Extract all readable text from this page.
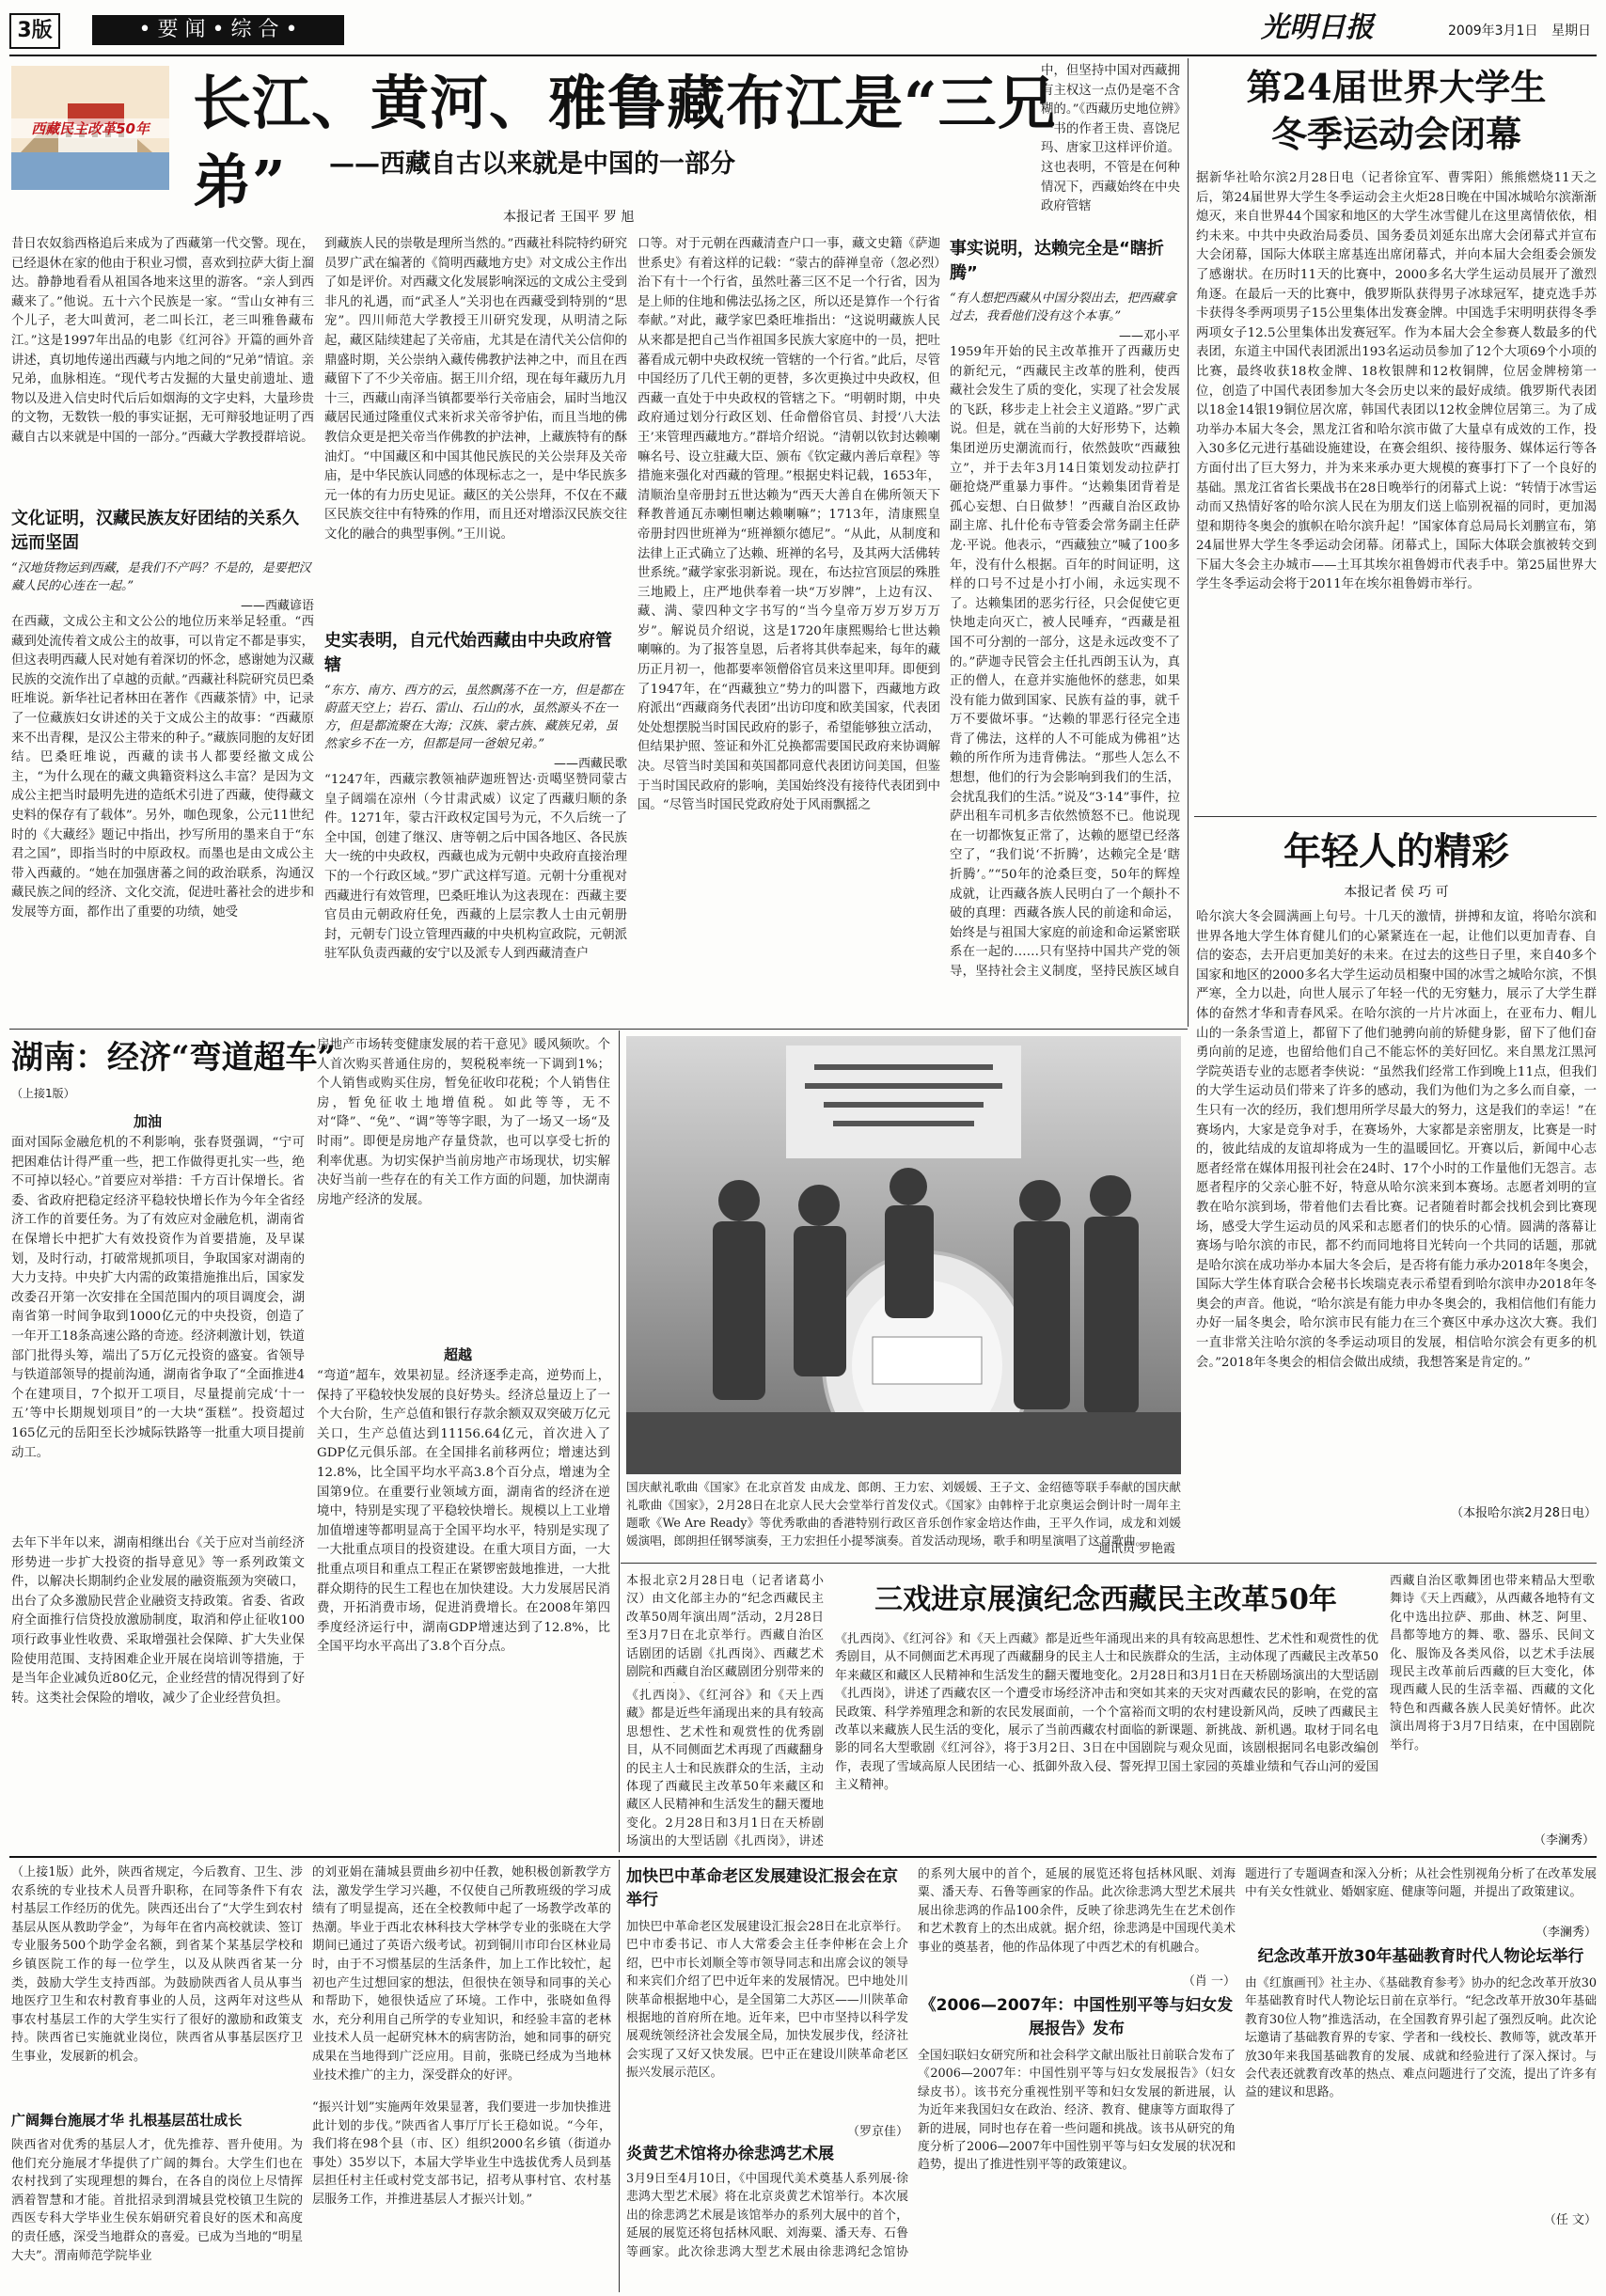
3版	• 要 闻 • 综 合 •	光明日报	2009年3月1日	星期日
西藏民主改革50年 长江、黄河、雅鲁藏布江是“三兄弟”	——西藏自古以来就是中国的一部分
本报记者 王国平 罗 旭
中，但坚持中国对西藏拥有主权这一点仍是毫不含糊的。”《西藏历史地位辨》一书的作者王贵、喜饶尼玛、唐家卫这样评价道。这也表明，不管是在何种情况下，西藏始终在中央政府管辖
昔日农奴翁西格追后来成为了西藏第一代交警。现在，已经退休在家的他由于积业习惯，喜欢到拉萨大街上溜达。静静地看看从祖国各地来这里的游客。“亲人到西藏来了。”他说。五十六个民族是一家。“雪山女神有三个儿子，老大叫黄河，老二叫长江，老三叫雅鲁藏布江。”这是1997年出品的电影《红河谷》开篇的画外音讲述，真切地传递出西藏与内地之间的“兄弟”情谊。亲兄弟，血脉相连。“现代考古发掘的大量史前遗址、遗物以及进入信史时代后后如烟海的文字史料，大量珍贵的文物，无数铁一般的事实证据，无可辩驳地证明了西藏自古以来就是中国的一部分。”西藏大学教授群培说。
文化证明，汉藏民族友好团结的关系久远而坚固
“汉地货物运到西藏，是我们不产吗？不是的，是要把汉藏人民的心连在一起。”
——西藏谚语
在西藏，文成公主和文公公的地位历来举足轻重。“西藏到处流传着文成公主的故事，可以肯定不都是事实，但这表明西藏人民对她有着深切的怀念，感谢她为汉藏民族的交流作出了卓越的贡献。”西藏社科院研究员巴桑旺堆说。新华社记者林田在著作《西藏茶情》中，记录了一位藏族妇女讲述的关于文成公主的故事：“西藏原来不出青稞，是汉公主带来的种子。”藏族同胞的友好团结。巴桑旺堆说，西藏的读书人都要经撤文成公主，“为什么现在的藏文典籍资料这么丰富？是因为文成公主把当时最明先进的造纸术引进了西藏，使得藏文史料的保存有了载体”。另外，咖色现象，公元11世纪时的《大藏经》题记中指出，抄写所用的墨来自于“东君之国”，即指当时的中原政权。而墨也是由文成公主带入西藏的。“她在加强唐蕃之间的政治联系，沟通汉藏民族之间的经济、文化交流，促进吐蕃社会的进步和发展等方面，都作出了重要的功绩，她受
到藏族人民的崇敬是理所当然的。”西藏社科院特约研究员罗广武在编著的《简明西藏地方史》对文成公主作出了如是评价。对西藏文化发展影响深远的文成公主受到非凡的礼遇，而“武圣人”关羽也在西藏受到特别的“思宠”。四川师范大学教授王川研究发现，从明清之际起，藏区陆续建起了关帝庙，尤其是在清代关公信仰的鼎盛时期，关公崇纳入藏传佛教护法神之中，而且在西藏留下了不少关帝庙。据王川介绍，现在每年藏历九月十三，西藏山南泽当镇都要举行关帝庙会，届时当地汉藏居民通过隆重仪式来祈求关帝爷护佑，而且当地的佛教信众更是把关帝当作佛教的护法神，上藏族特有的酥油灯。“中国藏区和中国其他民族民的关公崇拜及关帝庙，是中华民族认同感的体现标志之一，是中华民族多元一体的有力历史见证。藏区的关公崇拜，不仅在不藏区民族交往中有特殊的作用，而且还对增添汉民族交往文化的融合的典型事例。”王川说。
史实表明，自元代始西藏由中央政府管辖
“东方、南方、西方的云，虽然飘荡不在一方，但是都在蔚蓝天空上；岩石、雷山、石山的水，虽然源头不在一方，但是都流聚在大海；汉族、蒙古族、藏族兄弟，虽然家乡不在一方，但都是同一爸娘兄弟。”
——西藏民歌
“1247年，西藏宗教领袖萨迦班智达·贡噶坚赞同蒙古皇子阔端在凉州（今甘肃武威）议定了西藏归顺的条件。1271年，蒙古汗政权定国号为元，不久后统一了全中国，创建了继汉、唐等朝之后中国各地区、各民族大一统的中央政权，西藏也成为元朝中央政府直接治理下的一个行政区域。”罗广武这样写道。元朝十分重视对西藏进行有效管理，巴桑旺堆认为这表现在：西藏主要官员由元朝政府任免，西藏的上层宗教人士由元朝册封，元朝专门设立管理西藏的中央机构宣政院，元朝派驻军队负责西藏的安宁以及派专人到西藏清查户
口等。对于元朝在西藏清查户口一事，藏文史籍《萨迦世系史》有着这样的记载：“蒙古的薛禅皇帝（忽必烈）治下有十一个行省，虽然吐蕃三区不足一个行省，因为是上师的住地和佛法弘扬之区，所以还是算作一个行省奉献。”对此，藏学家巴桑旺堆指出：“这说明藏族人民从来都是把自己当作祖国多民族大家庭中的一员，把吐蕃看成元朝中央政权统一管辖的一个行省。”此后，尽管中国经历了几代王朝的更替，多次更换过中央政权，但西藏一直处于中央政权的管辖之下。“明朝时期，中央政府通过划分行政区划、任命僧俗官员、封授‘八大法王’来管理西藏地方。”群培介绍说。“清朝以钦封达赖喇嘛名号、设立驻藏大臣、颁布《钦定藏内善后章程》等措施来强化对西藏的管理。”根据史料记载，1653年，清顺治皇帝册封五世达赖为“西天大善自在佛所领天下释教普通瓦赤喇怛喇达赖喇嘛”；1713年，清康熙皇帝册封四世班禅为“班禅额尔德尼”。“从此，从制度和法律上正式确立了达赖、班禅的名号，及其两大活佛转世系统。”藏学家张羽新说。现在，布达拉宫顶层的殊胜三地殿上，庄严地供奉着一块“万岁牌”，上边有汉、藏、满、蒙四种文字书写的“当今皇帝万岁万岁万万岁”。解说员介绍说，这是1720年康熙赐给七世达赖喇嘛的。为了报答皇恩，后者将其供奉起来，每年的藏历正月初一，他都要率领僧俗官员来这里叩拜。即便到了1947年，在“西藏独立”势力的叫嚣下，西藏地方政府派出“西藏商务代表团”出访印度和欧美国家，代表团处处想摆脱当时国民政府的影子，希望能够独立活动，但结果护照、签证和外汇兑换都需要国民政府来协调解决。尽管当时美国和英国都同意代表团访问美国，但鉴于当时国民政府的影响，美国始终没有接待代表团到中国。“尽管当时国民党政府处于风雨飘摇之
事实说明，达赖完全是“瞎折腾”
“有人想把西藏从中国分裂出去，把西藏拿过去，我看他们没有这个本事。”
——邓小平
1959年开始的民主改革推开了西藏历史的新纪元，“西藏民主改革的胜利，使西藏社会发生了质的变化，实现了社会发展的飞跃，移步走上社会主义道路。”罗广武说。但是，就在当前的大好形势下，达赖集团逆历史潮流而行，依然鼓吹“西藏独立”，并于去年3月14日策划发动拉萨打砸抢烧严重暴力事件。“达赖集团背着是孤心妄想、白日做梦！”西藏自治区政协副主席、扎什伦布寺管委会常务副主任萨龙·平说。他表示，“西藏独立”喊了100多年，没有什么根据。百年的时间证明，这样的口号不过是小打小闹，永远实现不了。达赖集团的恶劣行径，只会促使它更快地走向灭亡，被人民唾弃，“西藏是祖国不可分割的一部分，这是永远改变不了的。”萨迦寺民管会主任扎西朗玉认为，真正的僧人，在意并实施他怀的慈悲，如果没有能力做到国家、民族有益的事，就千万不要做坏事。“达赖的罪恶行径完全违背了佛法，这样的人不可能成为佛祖”达赖的所作所为违背佛法。“那些人怎么不想想，他们的行为会影响到我们的生活，会扰乱我们的生活。”说及“3·14”事件，拉萨出租车司机多吉依然愤怒不已。他说现在一切都恢复正常了，达赖的愿望已经落空了，“我们说‘不折腾’，达赖完全是‘瞎折腾’。”“50年的沧桑巨变，50年的辉煌成就，让西藏各族人民明白了一个颠扑不破的真理：西藏各族人民的前途和命运，始终是与祖国大家庭的前途和命运紧密联系在一起的……只有坚持中国共产党的领导，坚持社会主义制度，坚持民族区域自
第24届世界大学生
冬季运动会闭幕
据新华社哈尔滨2月28日电（记者徐宜军、曹霁阳）熊熊燃烧11天之后，第24届世界大学生冬季运动会主火炬28日晚在中国冰城哈尔滨渐渐熄灭，来自世界44个国家和地区的大学生冰雪健儿在这里离情依依，相约未来。中共中央政治局委员、国务委员刘延东出席大会闭幕式并宣布大会闭幕，国际大体联主席基连出席闭幕式，并向本届大会组委会颁发了感谢状。在历时11天的比赛中，2000多名大学生运动员展开了激烈角逐。在最后一天的比赛中，俄罗斯队获得男子冰球冠军，捷克选手苏卡获得冬季两项男子15公里集体出发赛金牌。中国选手宋明明获得冬季两项女子12.5公里集体出发赛冠军。作为本届大会全参赛人数最多的代表团，东道主中国代表团派出193名运动员参加了12个大项69个小项的比赛，最终收获18枚金牌、18枚银牌和12枚铜牌，位居金牌榜第一位，创造了中国代表团参加大冬会历史以来的最好成绩。俄罗斯代表团以18金14银19铜位居次席，韩国代表团以12枚金牌位居第三。为了成功举办本届大冬会，黑龙江省和哈尔滨市做了大量卓有成效的工作，投入30多亿元进行基础设施建设，在赛会组织、接待服务、媒体运行等各方面付出了巨大努力，并为来来承办更大规模的赛事打下了一个良好的基础。黑龙江省省长栗战书在28日晚举行的闭幕式上说：“转情于冰雪运动而又热情好客的哈尔滨人民在为朋友们送上临别祝福的同时，更加渴望和期待冬奥会的旗帜在哈尔滨升起！”国家体育总局局长刘鹏宣布，第24届世界大学生冬季运动会闭幕。闭幕式上，国际大体联会旗被转交到下届大冬会主办城市——土耳其埃尔祖鲁姆市代表手中。第25届世界大学生冬季运动会将于2011年在埃尔祖鲁姆市举行。
年轻人的精彩
本报记者 侯 巧 可
哈尔滨大冬会圆满画上句号。十几天的激情，拼搏和友谊，将哈尔滨和世界各地大学生体育健儿们的心紧紧连在一起，让他们以更加青春、自信的姿态，去开启更加美好的未来。在过去的这些日子里，来自40多个国家和地区的2000多名大学生运动员相聚中国的冰雪之城哈尔滨，不惧严寒，全力以赴，向世人展示了年轻一代的无穷魅力，展示了大学生群体的奋然才华和青春风采。在哈尔滨的一片片冰面上，在亚布力、帽儿山的一条条雪道上，都留下了他们驰骋向前的矫健身影，留下了他们奋勇向前的足迹，也留给他们自己不能忘怀的美好回忆。来自黑龙江黑河学院英语专业的志愿者李侠说：“虽然我们经常工作到晚上11点，但我们的大学生运动员们带来了许多的感动，我们为他们为之多么而自豪，一生只有一次的经历，我们想用所学尽最大的努力，这是我们的幸运！”在赛场内，大家是竞争对手，在赛场外，大家都是亲密朋友，比赛是一时的，彼此结成的友谊却将成为一生的温暖回忆。开赛以后，新闻中心志愿者经常在媒体用报刊社会在24时、17个小时的工作量他们无怨言。志愿者程序的父亲心脏不好，特意从哈尔滨来到本赛场。志愿者刘明的宣教在哈尔滨到场，带着他们去看比赛。记者随着时都会找机会到比赛现场，感受大学生运动员的风采和志愿者们的快乐的心情。圆满的落幕让赛场与哈尔滨的市民，都不约而同地将目光转向一个共同的话题，那就是哈尔滨在成功举办本届大冬会后，是否将有能力承办2018年冬奥会，国际大学生体育联合会秘书长埃瑞克表示希望看到哈尔滨申办2018年冬奥会的声音。他说，“哈尔滨是有能力申办冬奥会的，我相信他们有能力办好一届冬奥会，哈尔滨市民有能力在三个赛区中承办这次大赛。我们一直非常关注哈尔滨的冬季运动项目的发展，相信哈尔滨会有更多的机会。”2018年冬奥会的相信会做出成绩，我想答案是肯定的。”
（本报哈尔滨2月28日电）
湖南：经济“弯道超车”
（上接1版）
加油
面对国际金融危机的不利影响，张春贤强调，“宁可把困难估计得严重一些，把工作做得更扎实一些，绝不可掉以轻心。”首要应对举措：千方百计保增长。省委、省政府把稳定经济平稳较快增长作为今年全省经济工作的首要任务。为了有效应对金融危机，湖南省在保增长中把扩大有效投资作为首要措施，及早谋划，及时行动，打破常规抓项目，争取国家对湖南的大力支持。中央扩大内需的政策措施推出后，国家发改委召开第一次安排在全国范围内的项目调度会，湖南省第一时间争取到1000亿元的中央投资，创造了一年开工18条高速公路的奇迹。经济刺激计划，铁道部门批得头筹，端出了5万亿元投资的盛宴。省领导与铁道部领导的提前沟通，湖南省争取了“全面推进4个在建项目，7个拟开工项目，尽量提前完成‘十一五’等中长期规划项目”的一大块“蛋糕”。投资超过165亿元的岳阳至长沙城际铁路等一批重大项目提前动工。
去年下半年以来，湖南相继出台《关于应对当前经济形势进一步扩大投资的指导意见》等一系列政策文件，以解决长期制约企业发展的融资瓶颈为突破口，出台了众多激励民营企业融资支持政策。省委、省政府全面推行信贷投放激励制度，取消和停止征收100项行政事业性收费、采取增强社会保障、扩大失业保险使用范围、支持困难企业开展在岗培训等措施，于是当年企业减负近80亿元，企业经营的情况得到了好转。这类社会保险的增收，减少了企业经营负担。
房地产市场转变健康发展的若干意见》暖风频吹。个人首次购买普通住房的，契税税率统一下调到1%；个人销售或购买住房，暂免征收印花税；个人销售住房，暂免征收土地增值税。如此等等，无不对“降”、“免”、“调”等等字眼，为了一场又一场“及时雨”。即便是房地产存量贷款，也可以享受七折的利率优惠。为切实保护当前房地产市场现状，切实解决好当前一些存在的有关工作方面的问题，加快湖南房地产经济的发展。
超越
“弯道”超车，效果初显。经济逐季走高，逆势而上，保持了平稳较快发展的良好势头。经济总量迈上了一个大台阶，生产总值和银行存款余额双双突破万亿元关口，生产总值达到11156.64亿元，首次进入了GDP亿元俱乐部。在全国排名前移两位；增速达到12.8%，比全国平均水平高3.8个百分点，增速为全国第9位。在重要行业领域方面，湖南省的经济在逆境中，特别是实现了平稳较快增长。规模以上工业增加值增速等都明显高于全国平均水平，特别是实现了一大批重点项目的投资建设。在重大项目方面，一大批重点项目和重点工程正在紧锣密鼓地推进，一大批群众期待的民生工程也在加快建设。大力发展居民消费，开拓消费市场，促进消费增长。在2008年第四季度经济运行中，湖南GDP增速达到了12.8%，比全国平均水平高出了3.8个百分点。
国庆献礼歌曲《国家》在北京首发 由成龙、郎朗、王力宏、刘媛媛、王子文、金绍德等联手奉献的国庆献礼歌曲《国家》，2月28日在北京人民大会堂举行首发仪式。《国家》由韩梓于北京奥运会倒计时一周年主题歌《We Are Ready》等优秀歌曲的香港特别行政区音乐创作家金培达作曲，王平久作词，成龙和刘媛媛演唱，郎朗担任钢琴演奏，王力宏担任小提琴演奏。首发活动现场，歌手和明星演唱了这首歌曲。
通讯员 罗艳霞
本报北京2月28日电（记者诸葛小汉）由文化部主办的“纪念西藏民主改革50周年演出周”活动，2月28日至3月7日在北京举行。西藏自治区话剧团的话剧《扎西岗》、西藏艺术剧院和西藏自治区藏剧团分别带来的
三戏进京展演纪念西藏民主改革50年
《扎西岗》、《红河谷》和《天上西藏》都是近些年涌现出来的具有较高思想性、艺术性和观赏性的优秀剧目，从不同侧面艺术再现了西藏翻身的民主人士和民族群众的生活，主动体现了西藏民主改革50年来藏区和藏区人民精神和生活发生的翻天覆地变化。2月28日和3月1日在天桥剧场演出的大型话剧《扎西岗》，讲述
《扎西岗》、《红河谷》和《天上西藏》都是近些年涌现出来的具有较高思想性、艺术性和观赏性的优秀剧目，从不同侧面艺术再现了西藏翻身的民主人士和民族群众的生活，主动体现了西藏民主改革50年来藏区和藏区人民精神和生活发生的翻天覆地变化。2月28日和3月1日在天桥剧场演出的大型话剧《扎西岗》，讲述了西藏农区一个遭受市场经济冲击和突如其来的天灾对西藏农民的影响，在党的富民政策、科学养殖理念和新的农民发展面前，一个个富裕而文明的农村建设新风尚，反映了西藏民主改革以来藏族人民生活的变化，展示了当前西藏农村面临的新课题、新挑战、新机遇。取材于同名电影的同名大型歌剧《红河谷》，将于3月2日、3日在中国剧院与观众见面，该剧根据同名电影改编创作，表现了雪域高原人民团结一心、抵御外敌入侵、誓死捍卫国土家园的英雄业绩和气吞山河的爱国主义精神。
西藏自治区歌舞团也带来精品大型歌舞诗《天上西藏》，从西藏各地特有文化中选出拉萨、那曲、林芝、阿里、昌都等地方的舞、歌、器乐、民间文化、服饰及各类风俗，以艺术手法展现民主改革前后西藏的巨大变化，体现西藏人民的生活幸福、西藏的文化特色和西藏各族人民美好情怀。此次演出周将于3月7日结束，在中国剧院举行。
（李澜秀）
（上接1版）此外，陕西省规定，今后教育、卫生、涉农系统的专业技术人员晋升职称，在同等条件下有农村基层工作经历的优先。陕西还出台了“大学生到农村基层从医从教助学金”，为每年在省内高校就读、签订专业服务500个助学金名额，到省某个某基层学校和乡镇医院工作的每一位学生，以及从陕西省某一分类，鼓励大学生支持西部。为鼓励陕西省人员从事当地医疗卫生和农村教育事业的人员，这两年对这些从事农村基层工作的大学生实行了很好的激励和政策支持。陕西省已实施就业岗位，陕西省从事基层医疗卫生事业，发展新的机会。
广阔舞台施展才华 扎根基层茁壮成长
陕西省对优秀的基层人才，优先推荐、晋升使用。为他们充分施展才华提供了广阔的舞台。大学生们也在农村找到了实现理想的舞台，在各自的岗位上尽情挥洒着智慧和才能。首批招录到渭城县党校镇卫生院的西医专科大学毕业生侯东娟研究着良好的医术和高度的责任感，深受当地群众的喜爱。已成为当地的“明星大夫”。渭南师范学院毕业
的刘亚娟在蒲城县贾曲乡初中任教，她积极创新教学方法，激发学生学习兴趣，不仅使自己所教班级的学习成绩有了明显提高，还在全校教师中起了一场教学改革的热潮。毕业于西北农林科技大学林学专业的张晓在大学期间已通过了英语六级考试。初到铜川市印台区林业局时，由于不习惯基层的生活条件，加上工作比较忙，起初也产生过想回家的想法，但很快在领导和同事的关心和帮助下，她很快适应了环境。工作中，张晓如鱼得水，充分利用自己所学的专业知识，和经验丰富的老林业技术人员一起研究林木的病害防治，她和同事的研究成果在当地得到广泛应用。目前，张晓已经成为当地林业技术推广的主力，深受群众的好评。
“振兴计划”实施两年效果显著，我们要进一步加快推进此计划的步伐。”陕西省人事厅厅长王稳如说。“今年，我们将在98个县（市、区）组织2000名乡镇（街道办事处）35岁以下，本届大学毕业生中选拔优秀人员到基层担任村主任或村党支部书记，招考从事村官、农村基层服务工作，并推进基层人才振兴计划。”
加快巴中革命老区发展建设汇报会在京举行
加快巴中革命老区发展建设汇报会28日在北京举行。巴中市委书记、市人大常委会主任李仲彬在会上介绍，巴中市长刘顺全等市领导同志和出席会议的领导和来宾们介绍了巴中近年来的发展情况。巴中地处川陕革命根据地中心，是全国第二大苏区——川陕革命根据地的首府所在地。近年来，巴中市坚持以科学发展观统领经济社会发展全局，加快发展步伐，经济社会实现了又好又快发展。巴中正在建设川陕革命老区振兴发展示范区。
（罗京佳）
炎黄艺术馆将办徐悲鸿艺术展
3月9日至4月10日，《中国现代美术奠基人系列展·徐悲鸿大型艺术展》将在北京炎黄艺术馆举行。本次展出的徐悲鸿艺术展是该馆举办的系列大展中的首个，延展的展览还将包括林风眠、刘海粟、潘天寿、石鲁等画家。此次徐悲鸿大型艺术展由徐悲鸿纪念馆协
的系列大展中的首个，延展的展览还将包括林风眠、刘海粟、潘天寿、石鲁等画家的作品。此次徐悲鸿大型艺术展共展出徐悲鸿的作品100余件，反映了徐悲鸿先生在艺术创作和艺术教育上的杰出成就。据介绍，徐悲鸿是中国现代美术事业的奠基者，他的作品体现了中西艺术的有机融合。
（肖 一）
《2006—2007年：中国性别平等与妇女发展报告》发布
全国妇联妇女研究所和社会科学文献出版社日前联合发布了《2006—2007年：中国性别平等与妇女发展报告》（妇女绿皮书）。该书充分重视性别平等和妇女发展的新进展，认为近年来我国妇女在政治、经济、教育、健康等方面取得了新的进展，同时也存在着一些问题和挑战。该书从研究的角度分析了2006—2007年中国性别平等与妇女发展的状况和趋势，提出了推进性别平等的政策建议。
题进行了专题调查和深入分析；从社会性别视角分析了在改革发展中有关女性就业、婚姻家庭、健康等问题，并提出了政策建议。
（李澜秀）
纪念改革开放30年基础教育时代人物论坛举行
由《红旗画刊》社主办、《基础教育参考》协办的纪念改革开放30年基础教育时代人物论坛日前在京举行。“纪念改革开放30年基础教育30位人物”推选活动，在全国教育界引起了强烈反响。此次论坛邀请了基础教育界的专家、学者和一线校长、教师等，就改革开放30年来我国基础教育的发展、成就和经验进行了深入探讨。与会代表还就教育改革的热点、难点问题进行了交流，提出了许多有益的建议和思路。
（任 文）
